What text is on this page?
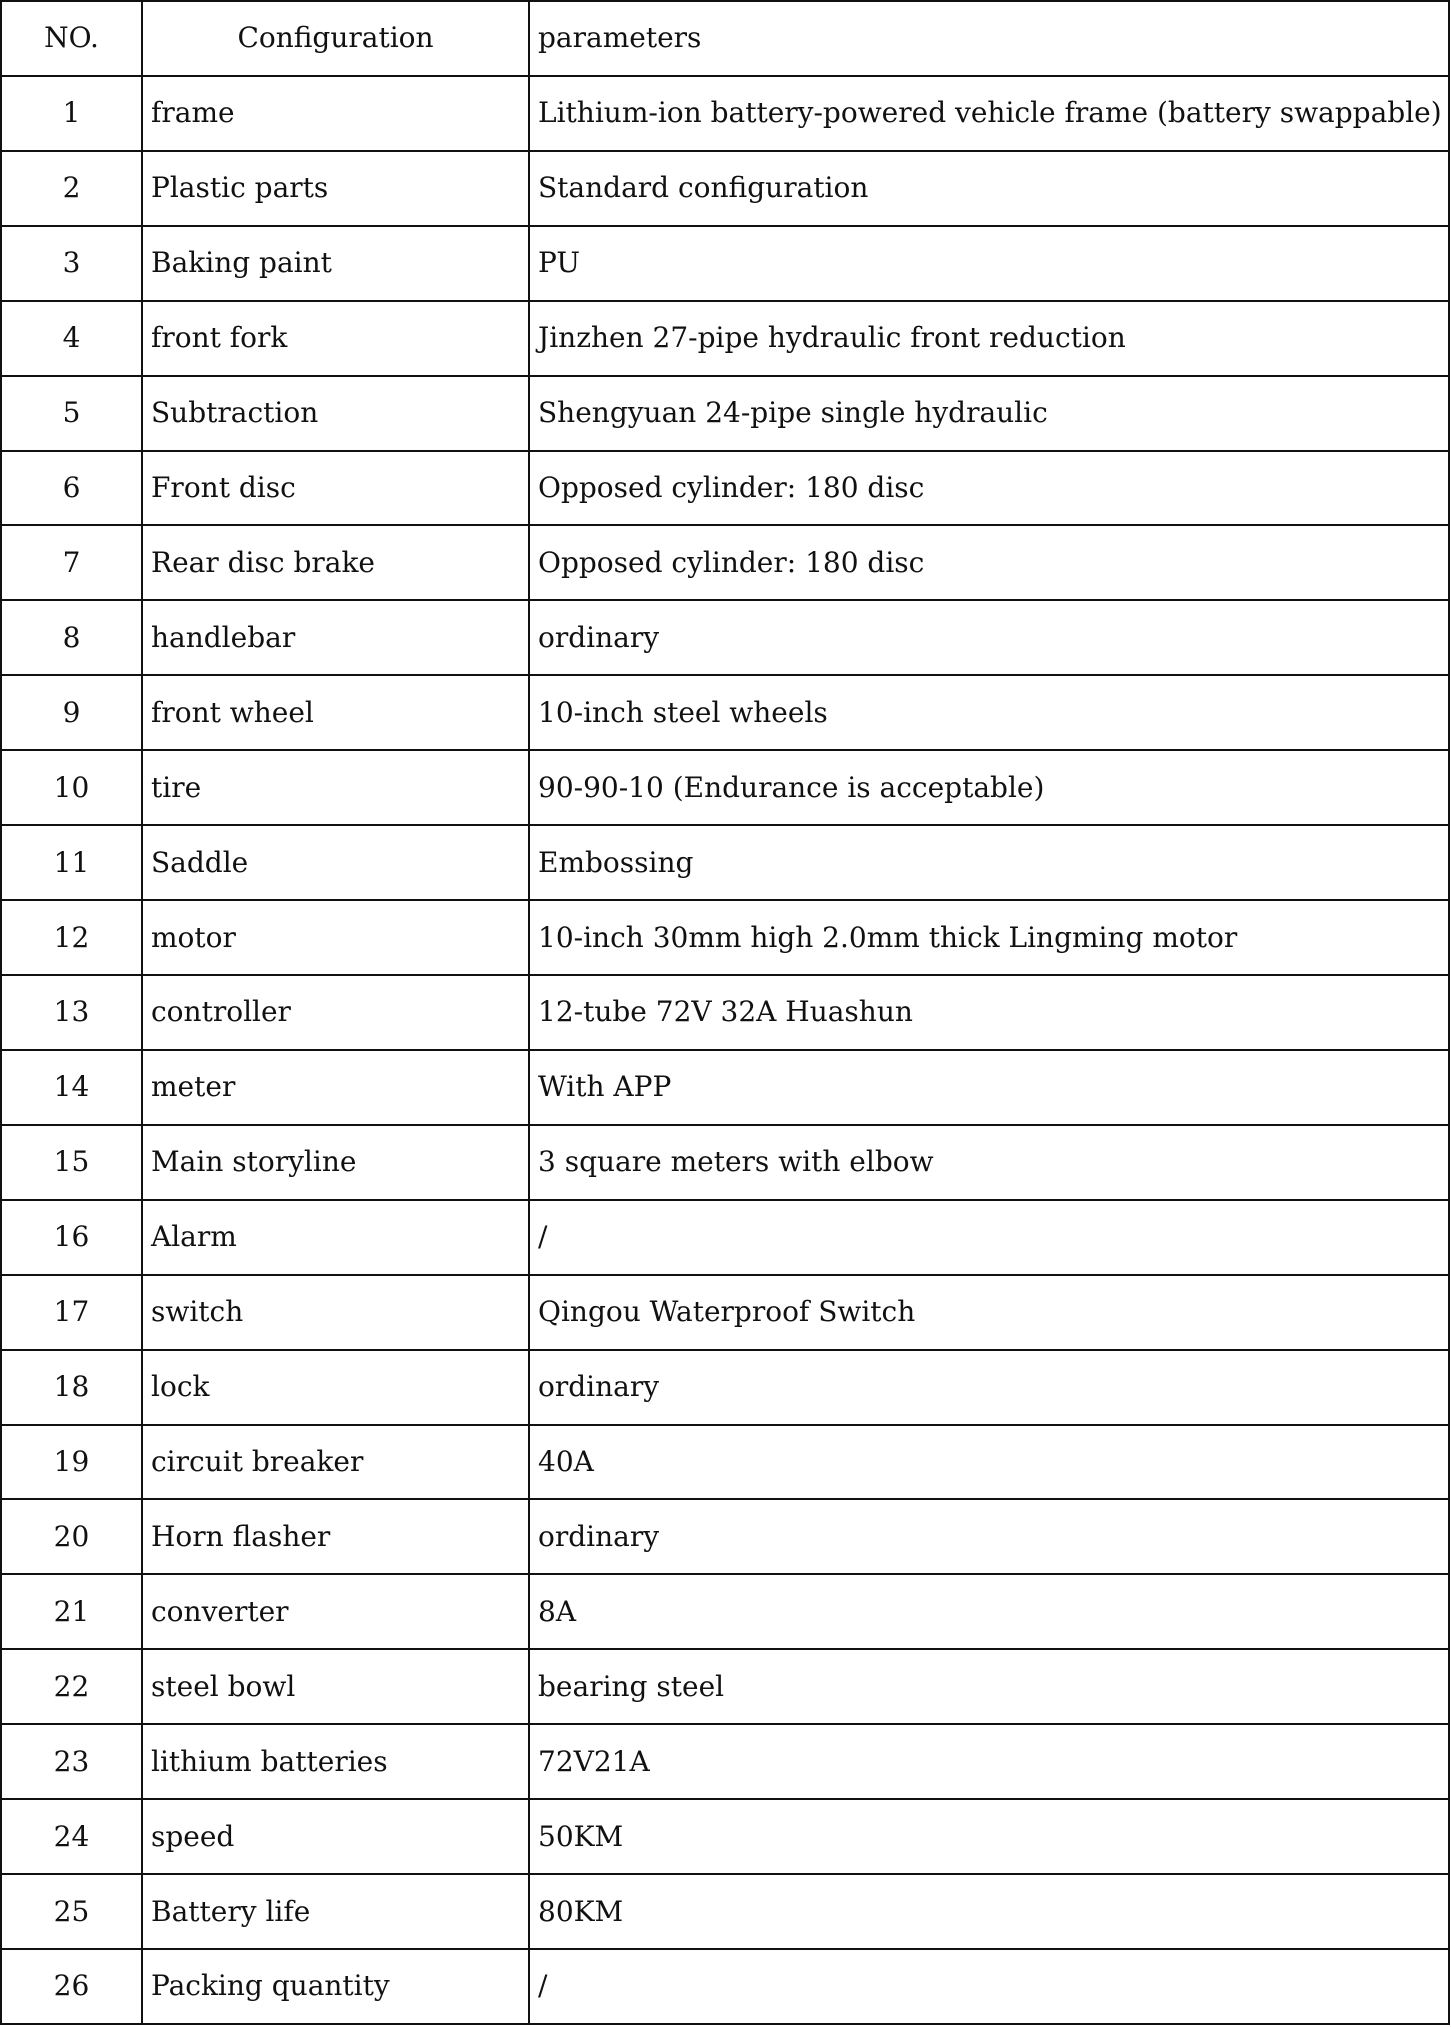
NO.	Configuration	parameters
1	frame	Lithium-ion battery-powered vehicle frame (battery swappable)
2	Plastic parts	Standard configuration
3	Baking paint	PU
4	front fork	Jinzhen 27-pipe hydraulic front reduction
5	Subtraction	Shengyuan 24-pipe single hydraulic
6	Front disc	Opposed cylinder: 180 disc
7	Rear disc brake	Opposed cylinder: 180 disc
8	handlebar	ordinary
9	front wheel	10-inch steel wheels
10	tire	90-90-10 (Endurance is acceptable)
11	Saddle	Embossing
12	motor	10-inch 30mm high 2.0mm thick Lingming motor
13	controller	12-tube 72V 32A Huashun
14	meter	With APP
15	Main storyline	3 square meters with elbow
16	Alarm	/
17	switch	Qingou Waterproof Switch
18	lock	ordinary
19	circuit breaker	40A
20	Horn flasher	ordinary
21	converter	8A
22	steel bowl	bearing steel
23	lithium batteries	72V21A
24	speed	50KM
25	Battery life	80KM
26	Packing quantity	/
